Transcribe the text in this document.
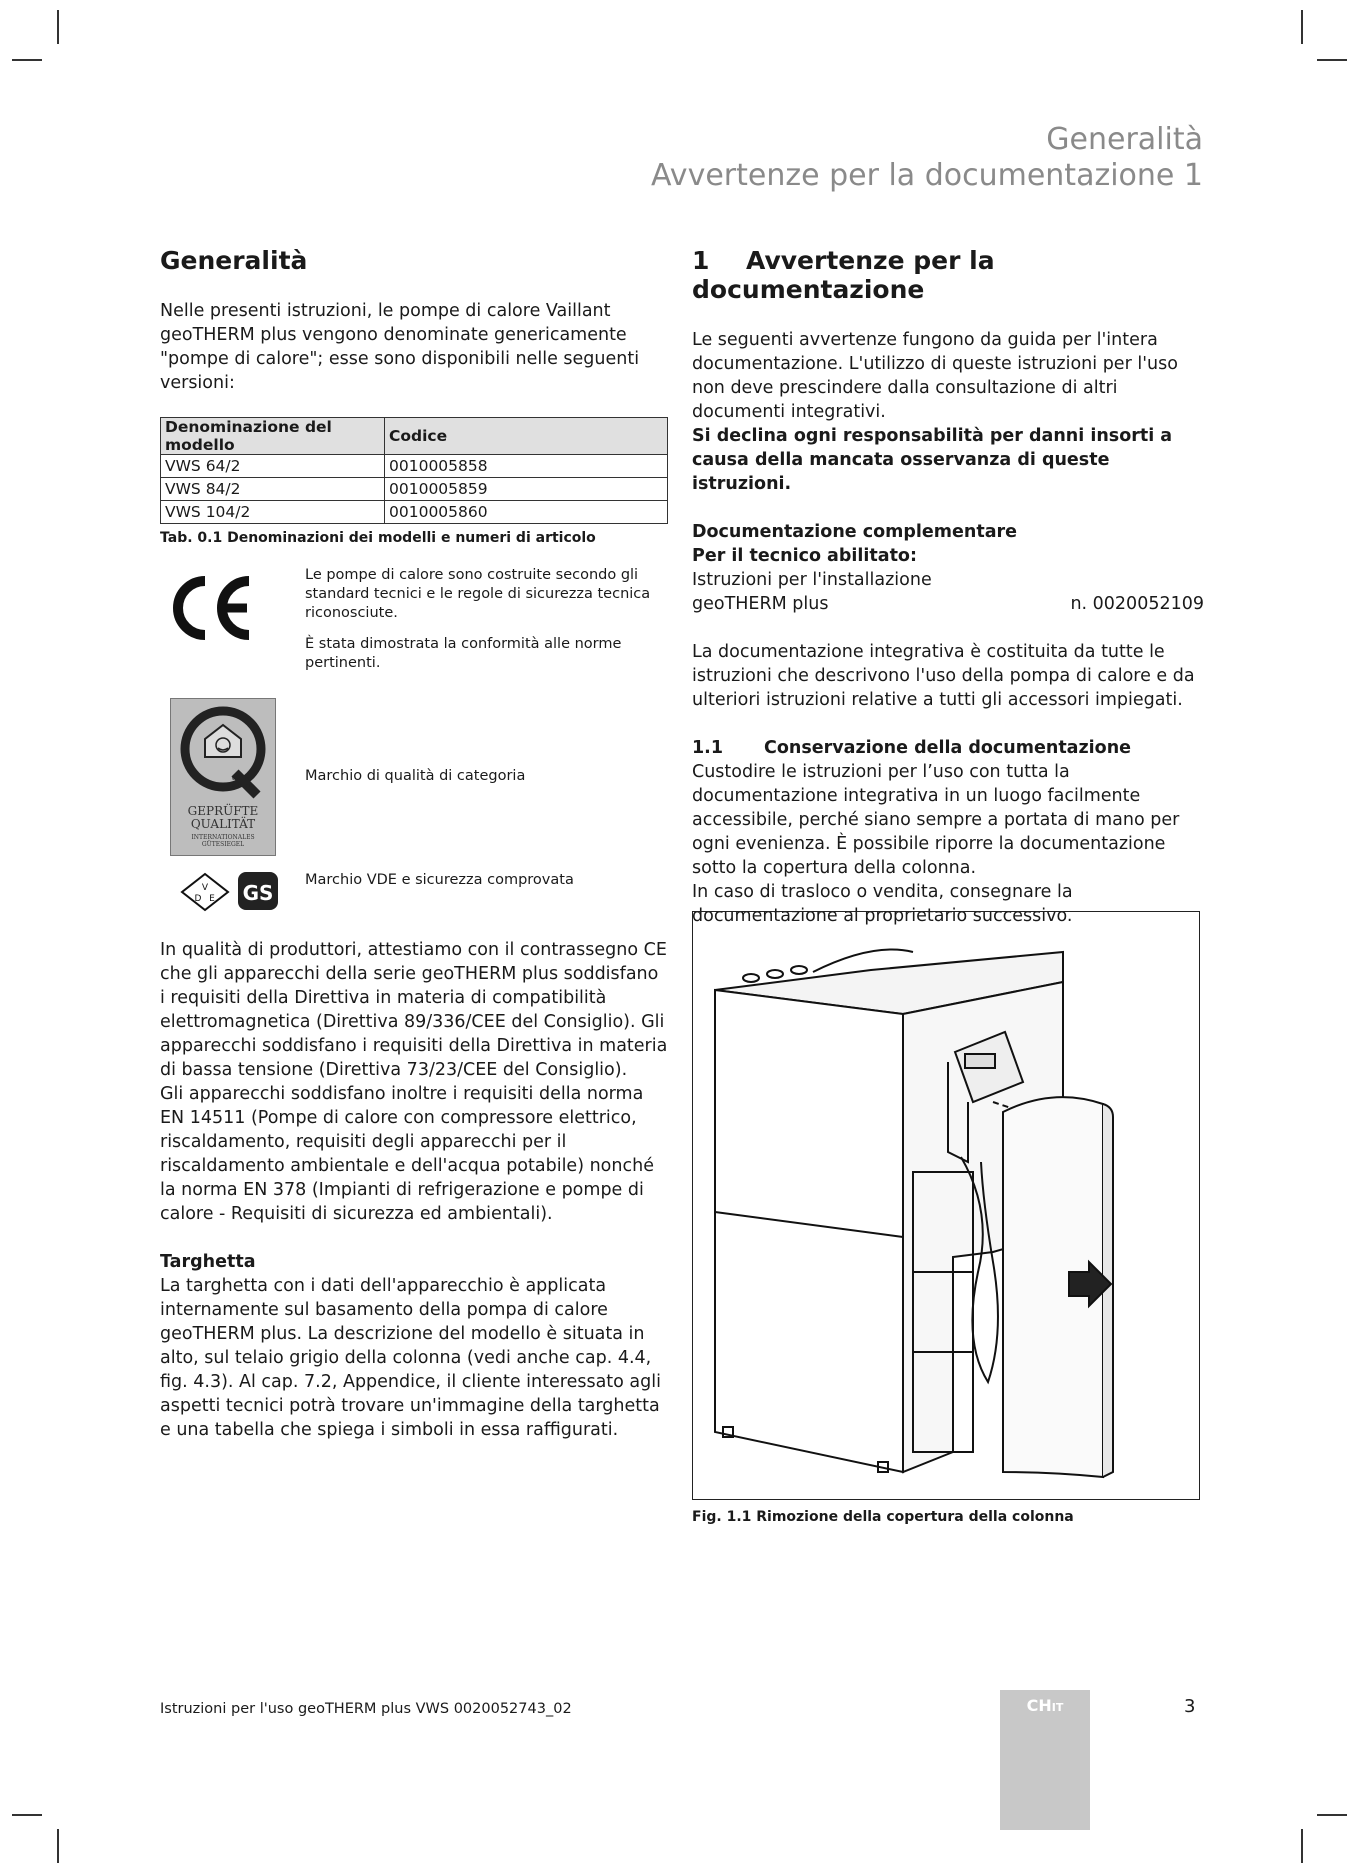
Generalità
Avvertenze per la documentazione 1
Generalità

Nelle presenti istruzioni, le pompe di calore Vaillant geoTHERM plus vengono denominate genericamente "pompe di calore"; esse sono disponibili nelle seguenti versioni:

Denominazione del modello	Codice
VWS 64/2	0010005858
VWS 84/2	0010005859
VWS 104/2	0010005860
Tab. 0.1 Denominazioni dei modelli e numeri di articolo

Le pompe di calore sono costruite secondo gli standard tecnici e le regole di sicurezza tecnica riconosciute.

È stata dimostrata la conformità alle norme pertinenti.

wärme pumpe
GEPRÜFTE QUALITÄT
INTERNATIONALES GÜTESIEGEL

Marchio di qualità di categoria

V
D E GS

Marchio VDE e sicurezza comprovata

In qualità di produttori, attestiamo con il contrassegno CE che gli apparecchi della serie geoTHERM plus soddisfano i requisiti della Direttiva in materia di compatibilità elettromagnetica (Direttiva 89/336/CEE del Consiglio). Gli apparecchi soddisfano i requisiti della Direttiva in materia di bassa tensione (Direttiva 73/23/CEE del Consiglio).

Gli apparecchi soddisfano inoltre i requisiti della norma EN 14511 (Pompe di calore con compressore elettrico, riscaldamento, requisiti degli apparecchi per il riscaldamento ambientale e dell'acqua potabile) nonché la norma EN 378 (Impianti di refrigerazione e pompe di calore - Requisiti di sicurezza ed ambientali).

Targhetta

La targhetta con i dati dell'apparecchio è applicata internamente sul basamento della pompa di calore geoTHERM plus. La descrizione del modello è situata in alto, sul telaio grigio della colonna (vedi anche cap. 4.4, fig. 4.3). Al cap. 7.2, Appendice, il cliente interessato agli aspetti tecnici potrà trovare un'immagine della targhetta e una tabella che spiega i simboli in essa raffigurati.

1 Avvertenze per la documentazione

Le seguenti avvertenze fungono da guida per l'intera documentazione. L'utilizzo di queste istruzioni per l'uso non deve prescindere dalla consultazione di altri documenti integrativi.

Si declina ogni responsabilità per danni insorti a causa della mancata osservanza di queste istruzioni.

Documentazione complementare

Per il tecnico abilitato:

Istruzioni per l'installazione

geoTHERM plus	n. 0020052109

La documentazione integrativa è costituita da tutte le istruzioni che descrivono l'uso della pompa di calore e da ulteriori istruzioni relative a tutti gli accessori impiegati.

1.1 Conservazione della documentazione

Custodire le istruzioni per l’uso con tutta la documentazione integrativa in un luogo facilmente accessibile, perché siano sempre a portata di mano per ogni evenienza. È possibile riporre la documentazione sotto la copertura della colonna.

In caso di trasloco o vendita, consegnare la documentazione al proprietario successivo.

Fig. 1.1 Rimozione della copertura della colonna
Istruzioni per l'uso geoTHERM plus VWS 0020052743_02	CHIT	3
